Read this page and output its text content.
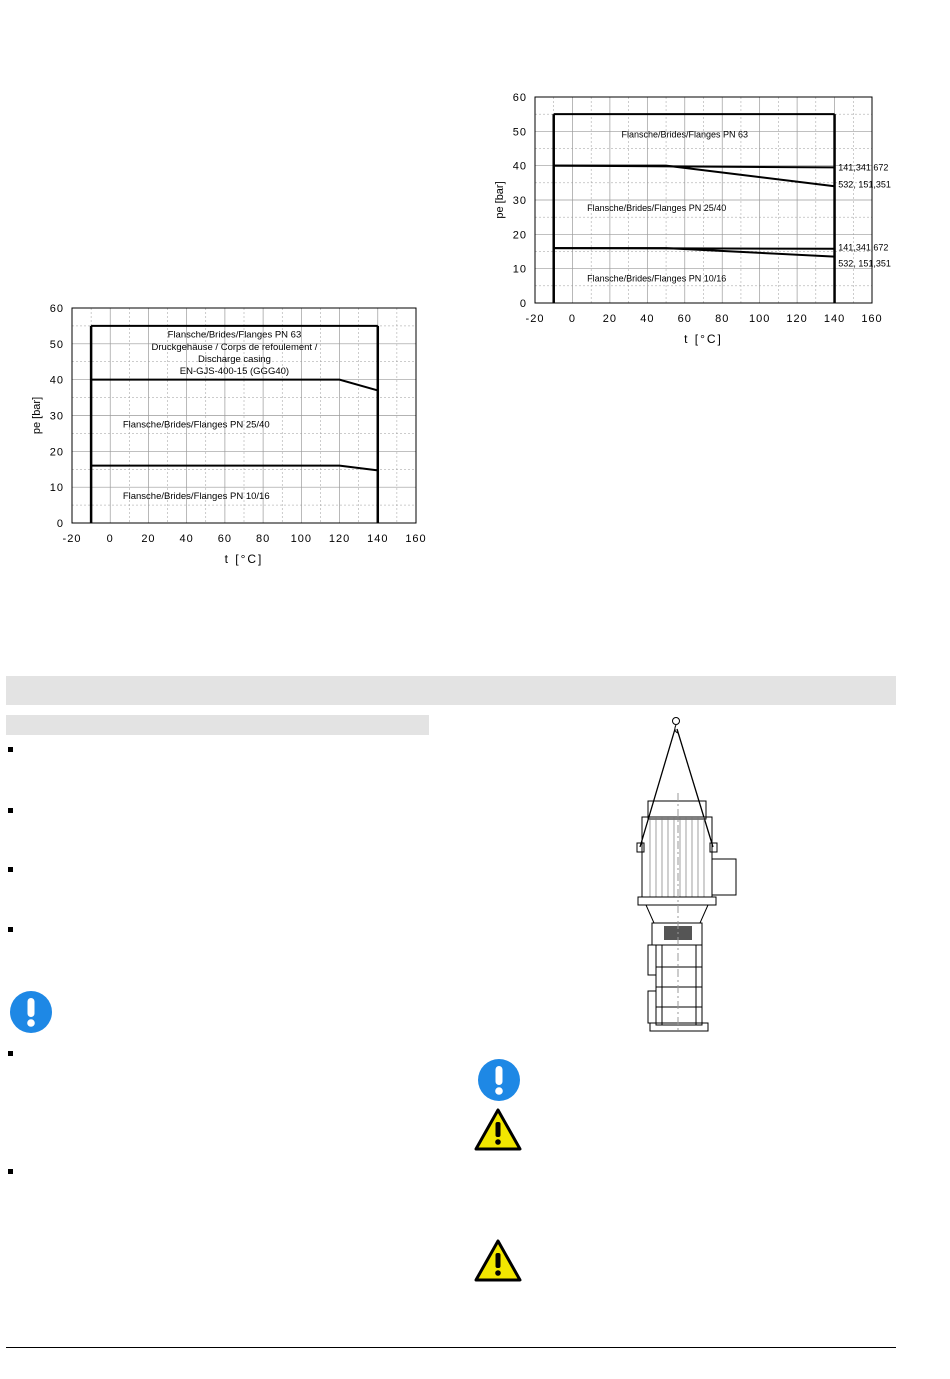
-20 0 20 40 60 80 100 120 140 160
0
10
20
30
40
50
60
t [°C]
pe [bar]
Flansche/Brides/Flanges PN 63
Flansche/Brides/Flanges PN 25/40
Flansche/Brides/Flanges PN 10/16
141,341,672
532, 151,351
141,341,672
532, 151,351
-20 0	20 40 60 80 100 120 140 160
0
10
20
30
40
50
60
t [°C]
pe [bar]
Flansche/Brides/Flanges PN 63
Druckgehäuse / Corps de refoulement /
Discharge casing
EN-GJS-400-15 (GGG40)
Flansche/Brides/Flanges PN 25/40
Flansche/Brides/Flanges PN 10/16
